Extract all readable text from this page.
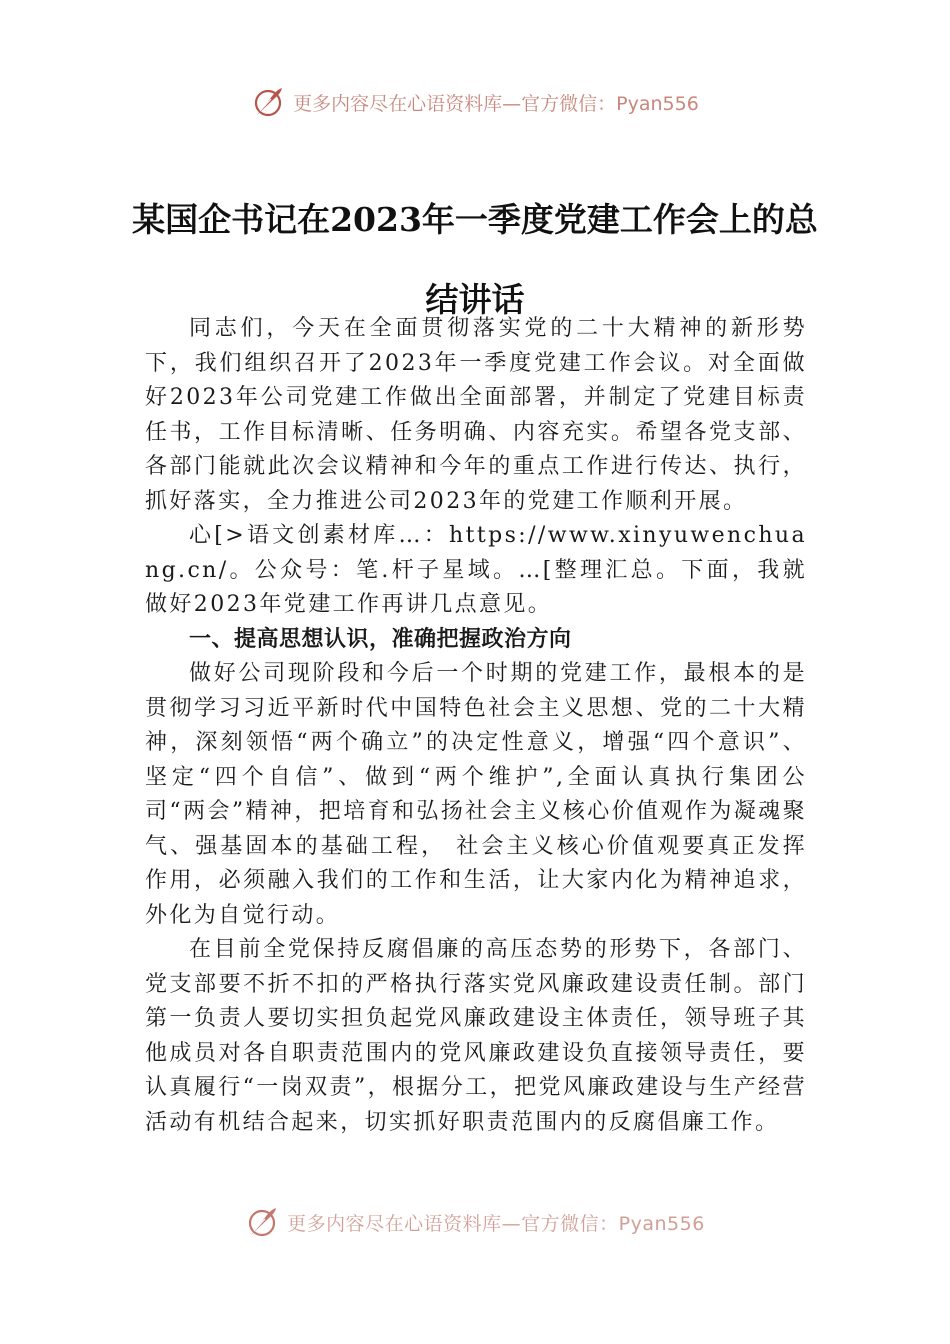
更多内容尽在心语资料库—官方微信：Pyan556
某国企书记在2023年一季度党建工作会上的总结讲话

同志们，今天在全面贯彻落实党的二十大精神的新形势下，我们组织召开了2023年一季度党建工作会议。对全面做好2023年公司党建工作做出全面部署，并制定了党建目标责任书，工作目标清晰、任务明确、内容充实。希望各党支部、各部门能就此次会议精神和今年的重点工作进行传达、执行，抓好落实，全力推进公司2023年的党建工作顺利开展。

心[>语文创素材库…：https://www.xinyuwenchuang.cn/。公众号：笔.杆子星域。…[整理汇总。下面，我就做好2023年党建工作再讲几点意见。

一、提高思想认识，准确把握政治方向

做好公司现阶段和今后一个时期的党建工作，最根本的是贯彻学习习近平新时代中国特色社会主义思想、党的二十大精神，深刻领悟“两个确立”的决定性意义，增强“四个意识”、坚定“四个自信”、做到“两个维护”,全面认真执行集团公司“两会”精神，把培育和弘扬社会主义核心价值观作为凝魂聚气、强基固本的基础工程， 社会主义核心价值观要真正发挥作用，必须融入我们的工作和生活，让大家内化为精神追求，外化为自觉行动。

在目前全党保持反腐倡廉的高压态势的形势下，各部门、党支部要不折不扣的严格执行落实党风廉政建设责任制。部门第一负责人要切实担负起党风廉政建设主体责任，领导班子其他成员对各自职责范围内的党风廉政建设负直接领导责任，要认真履行“一岗双责”，根据分工，把党风廉政建设与生产经营活动有机结合起来，切实抓好职责范围内的反腐倡廉工作。

更多内容尽在心语资料库—官方微信：Pyan556
